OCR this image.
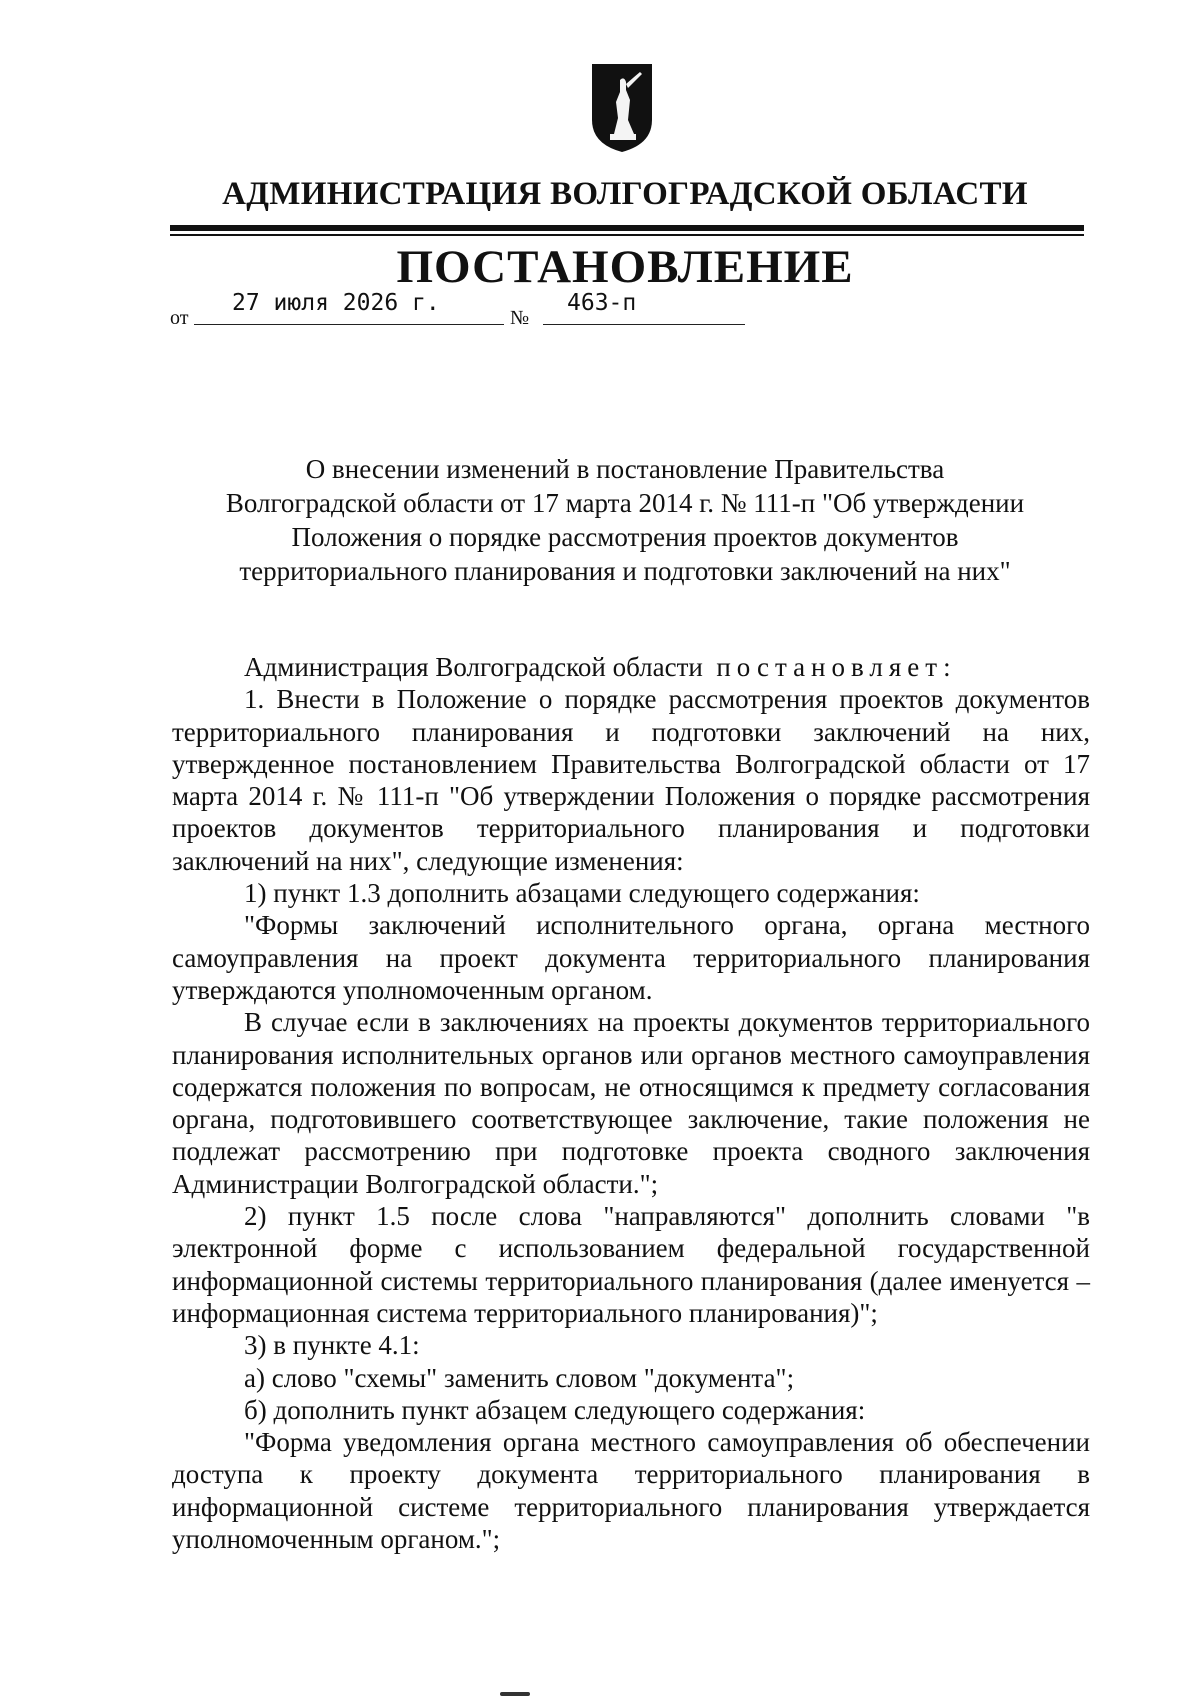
АДМИНИСТРАЦИЯ ВОЛГОГРАДСКОЙ ОБЛАСТИ
ПОСТАНОВЛЕНИЕ
от
27 июля 2026 г.
№
463-п
О внесении изменений в постановление Правительства
Волгоградской области от 17 марта 2014 г. № 111-п "Об утверждении
Положения о порядке рассмотрения проектов документов
территориального планирования и подготовки заключений на них"

Администрация Волгоградской области постановляет:

1. Внести в Положение о порядке рассмотрения проектов документов территориального планирования и подготовки заключений на них, утвержденное постановлением Правительства Волгоградской области от 17 марта 2014 г. № 111-п "Об утверждении Положения о порядке рассмотрения проектов документов территориального планирования и подготовки заключений на них", следующие изменения:

1) пункт 1.3 дополнить абзацами следующего содержания:

"Формы заключений исполнительного органа, органа местного самоуправления на проект документа территориального планирования утверждаются уполномоченным органом.

В случае если в заключениях на проекты документов территориального планирования исполнительных органов или органов местного самоуправления содержатся положения по вопросам, не относящимся к предмету согласования органа, подготовившего соответствующее заключение, такие положения не подлежат рассмотрению при подготовке проекта сводного заключения Администрации Волгоградской области.";

2) пункт 1.5 после слова "направляются" дополнить словами "в электронной форме с использованием федеральной государственной информационной системы территориального планирования (далее именуется – информационная система территориального планирования)";

3) в пункте 4.1:

а) слово "схемы" заменить словом "документа";

б) дополнить пункт абзацем следующего содержания:

"Форма уведомления органа местного самоуправления об обеспечении доступа к проекту документа территориального планирования в информационной системе территориального планирования утверждается уполномоченным органом.";
